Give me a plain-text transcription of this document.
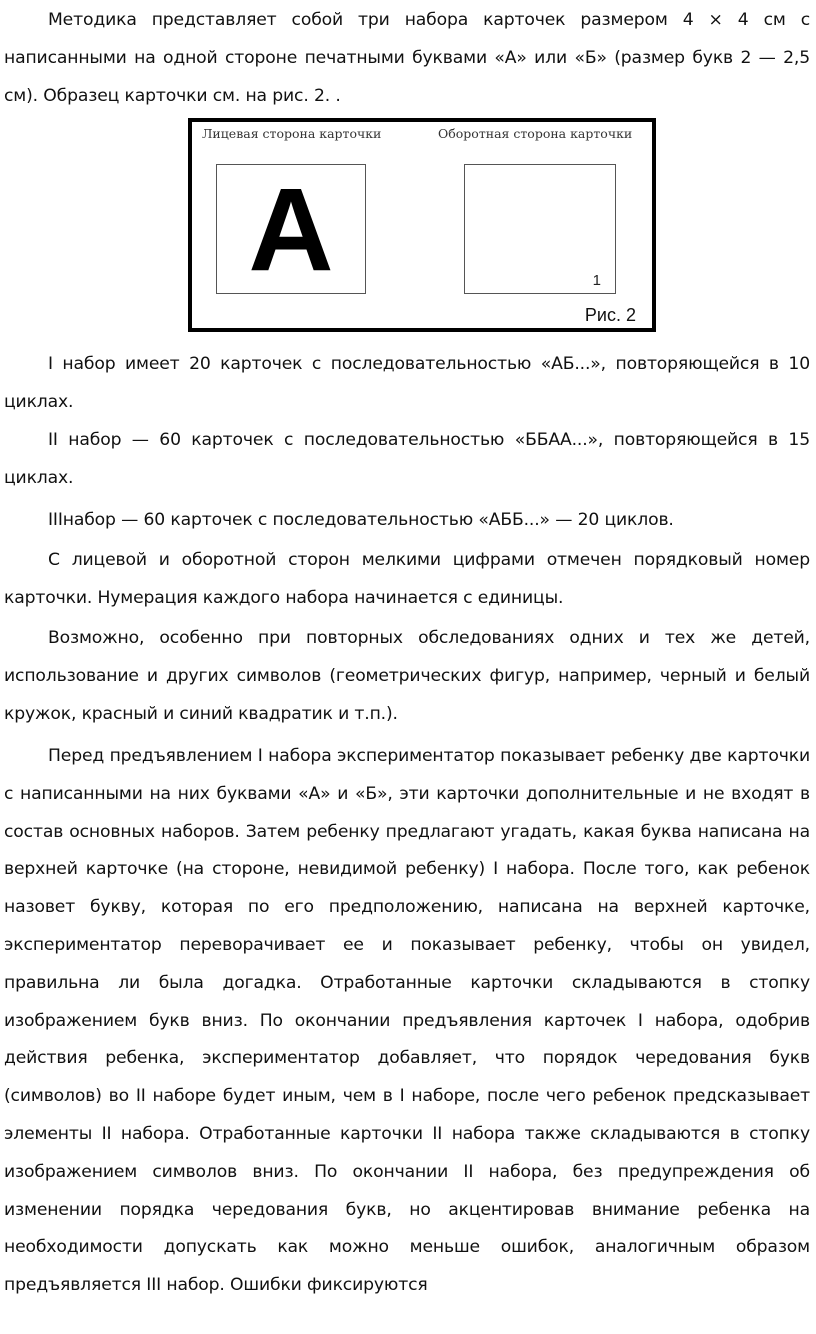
Методика представляет собой три набора карточек размером 4 × 4 см с написанными на одной стороне печатными буквами «А» или «Б» (размер букв 2 — 2,5 см). Образец карточки см. на рис. 2. .

Лицевая сторона карточки	Оборотная сторона карточки
А	1
Рис. 2

I набор имеет 20 карточек с последовательностью «АБ...», повторяющейся в 10 циклах.

II набор — 60 карточек с последовательностью «ББАА...», повторяющейся в 15 циклах.

IIIнабор — 60 карточек с последовательностью «АББ...» — 20 циклов.

С лицевой и оборотной сторон мелкими цифрами отмечен порядковый номер карточки. Нумерация каждого набора начинается с единицы.

Возможно, особенно при повторных обследованиях одних и тех же детей, использование и других символов (геометрических фигур, например, черный и белый кружок, красный и синий квадратик и т.п.).

Перед предъявлением I набора экспериментатор показывает ребенку две карточки с написанными на них буквами «А» и «Б», эти карточки дополнительные и не входят в состав основных наборов. Затем ребенку предлагают угадать, какая буква написана на верхней карточке (на стороне, невидимой ребенку) I набора. После того, как ребенок назовет букву, которая по его предположению, написана на верхней карточке, экспериментатор переворачивает ее и показывает ребенку, чтобы он увидел, правильна ли была догадка. Отработанные карточки складываются в стопку изображением букв вниз. По окончании предъявления карточек I набора, одобрив действия ребенка, экспериментатор добавляет, что порядок чередования букв (символов) во II наборе будет иным, чем в I наборе, после чего ребенок предсказывает элементы II набора. Отработанные карточки II набора также складываются в стопку изображением символов вниз. По окончании II набора, без предупреждения об изменении порядка чередования букв, но акцентировав внимание ребенка на необходимости допускать как можно меньше ошибок, аналогичным образом предъявляется III набор. Ошибки фиксируются
